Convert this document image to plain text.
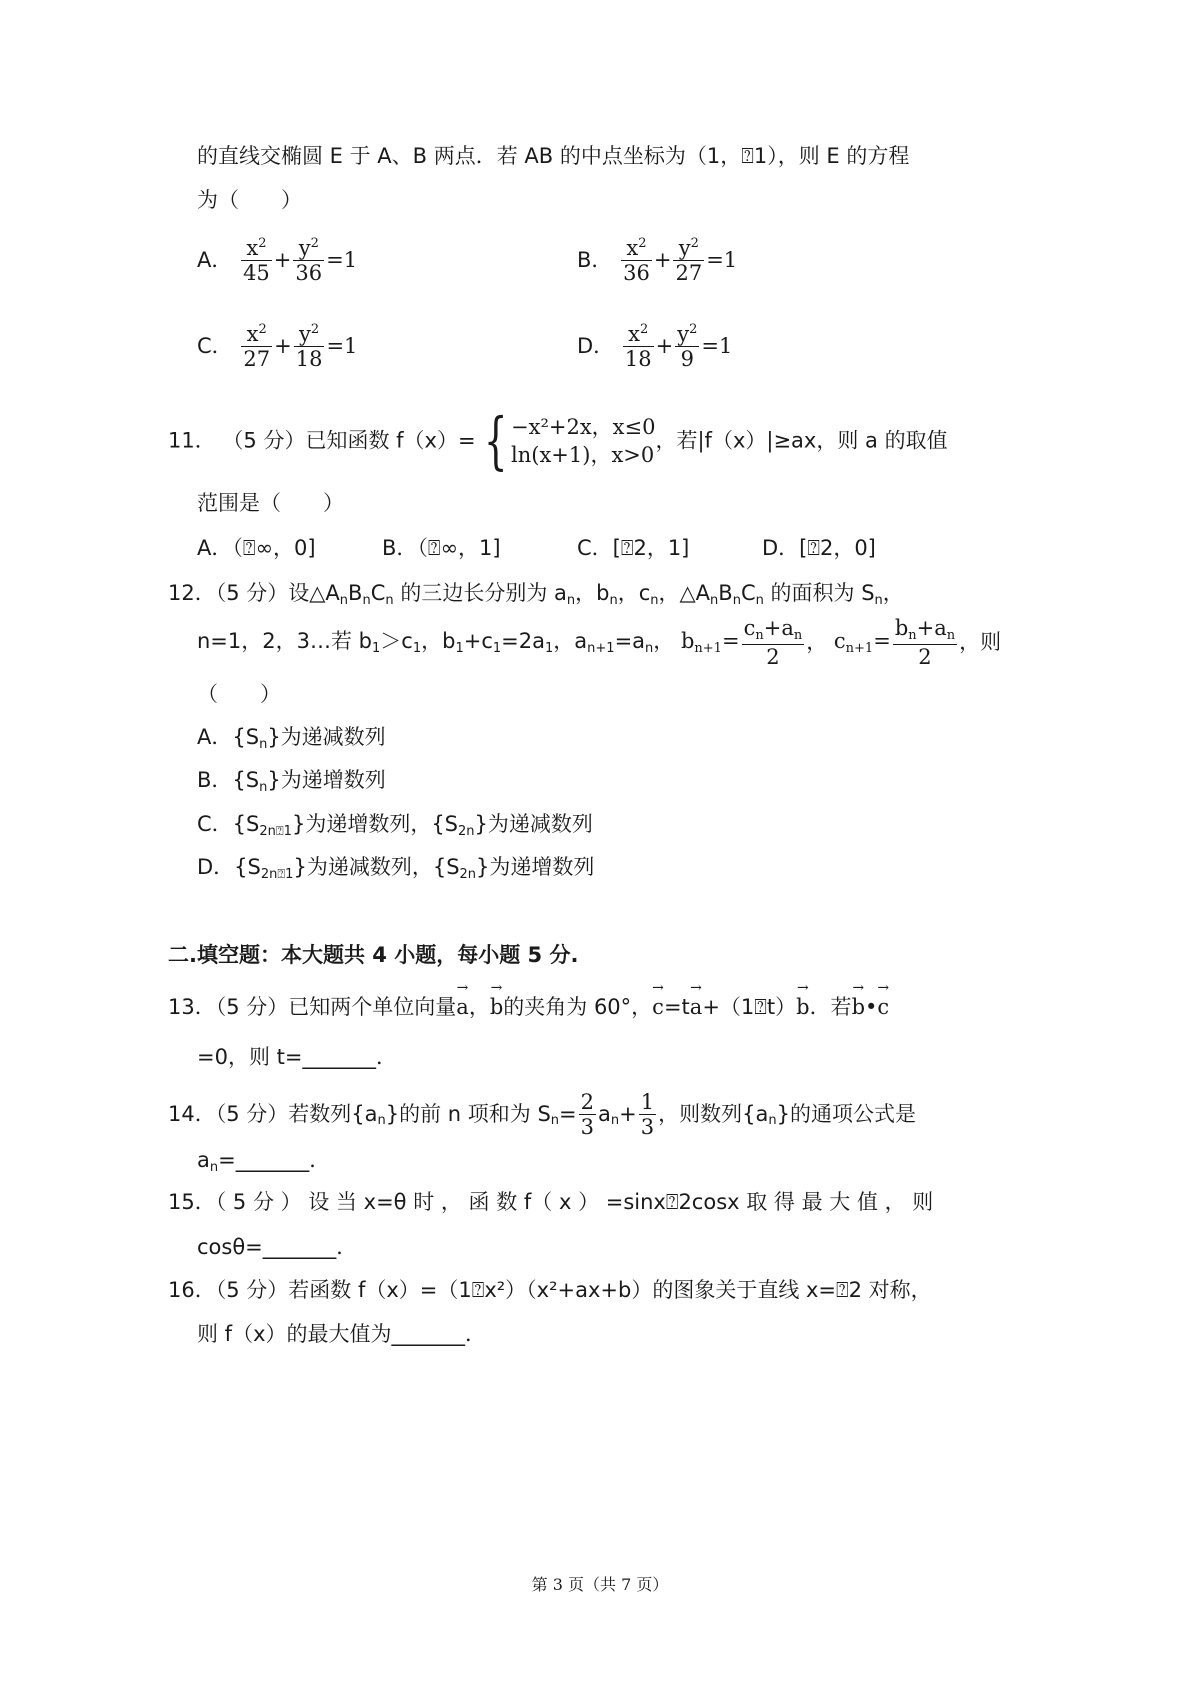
的直线交椭圆 E 于 A、B 两点．若 AB 的中点坐标为（1，⍰1），则 E 的方程
为（　　）
A． $\frac{x^2}{45} + \frac{y^2}{36} =1$	B． $\frac{x^2}{36} + \frac{y^2}{27} =1$
C． $\frac{x^2}{27} + \frac{y^2}{18} =1$	D． $\frac{x^2}{18} + \frac{y^2}{9} =1$
11． （5 分）已知函数 f（x）= { −x²+2x，x≤0
ln(x+1)，x>0
，若|f（x）|≥ax，则 a 的取值
范围是（　　）
A．（⍰∞，0]	B．（⍰∞，1]	C．[⍰2，1]	D．[⍰2，0]
12．（5 分）设$\triangle A_nB_nC_n$ 的三边长分别为 $a_n$，$b_n$，$c_n$，$\triangle A_nB_nC_n$ 的面积为 $S_n$，
n=1，2，3…若 $b_1>c_1$，$b_1+c_1=2a_1$，$a_{n+1}=a_n$， $b_{n+1}= \frac{c_n+a_n}{2}$ ， $c_{n+1}= \frac{b_n+a_n}{2}$ ，则
（　　）
A．$\{S_n\}$为递减数列
B．$\{S_n\}$为递增数列
C．$\{S_{2n⍰1}\}$为递增数列，$\{S_{2n}\}$为递减数列
D．$\{S_{2n⍰1}\}$为递减数列，$\{S_{2n}\}$为递增数列
二.填空题：本大题共 4 小题，每小题 5 分.
13．（5 分）已知两个单位向量→ a，→ b的夹角为 60°，→ c=t→ a+（1⍰t）→ b．若→ b•→ c
=0，则 t=_______．
14．（5 分）若数列$\{a_n\}$的前 n 项和为 $S_n= \frac{2}{3} a_n+ \frac{1}{3}$ ，则数列$\{a_n\}$的通项公式是
$a_n=\_\_\_\_\_\_\_$．
15．（ 5 分 ） 设 当 x=θ 时 ， 函 数 f（ x ） =sinx⍰2cosx 取 得 最 大 值 ， 则
cosθ=_______．
16．（5 分）若函数 f（x）=（1⍰x²）（x²+ax+b）的图象关于直线 x=⍰2 对称，
则 f（x）的最大值为_______．
第 3 页（共 7 页）
